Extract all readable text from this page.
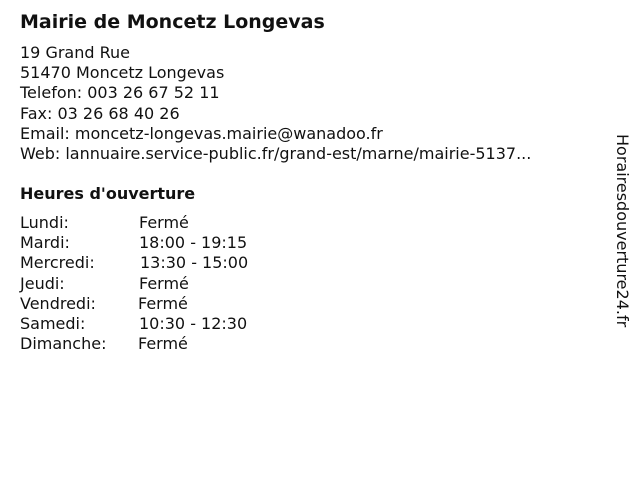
Mairie de Moncetz Longevas
19 Grand Rue
51470 Moncetz Longevas
Telefon: 003 26 67 52 11
Fax: 03 26 68 40 26
Email: moncetz-longevas.mairie@wanadoo.fr
Web: lannuaire.service-public.fr/grand-est/marne/mairie-5137...
Heures d'ouverture
Lundi:	Fermé
Mardi:	18:00 - 19:15
Mercredi:	13:30 - 15:00
Jeudi:	Fermé
Vendredi:	Fermé
Samedi:	10:30 - 12:30
Dimanche: Fermé
Horairesdouverture24.fr
